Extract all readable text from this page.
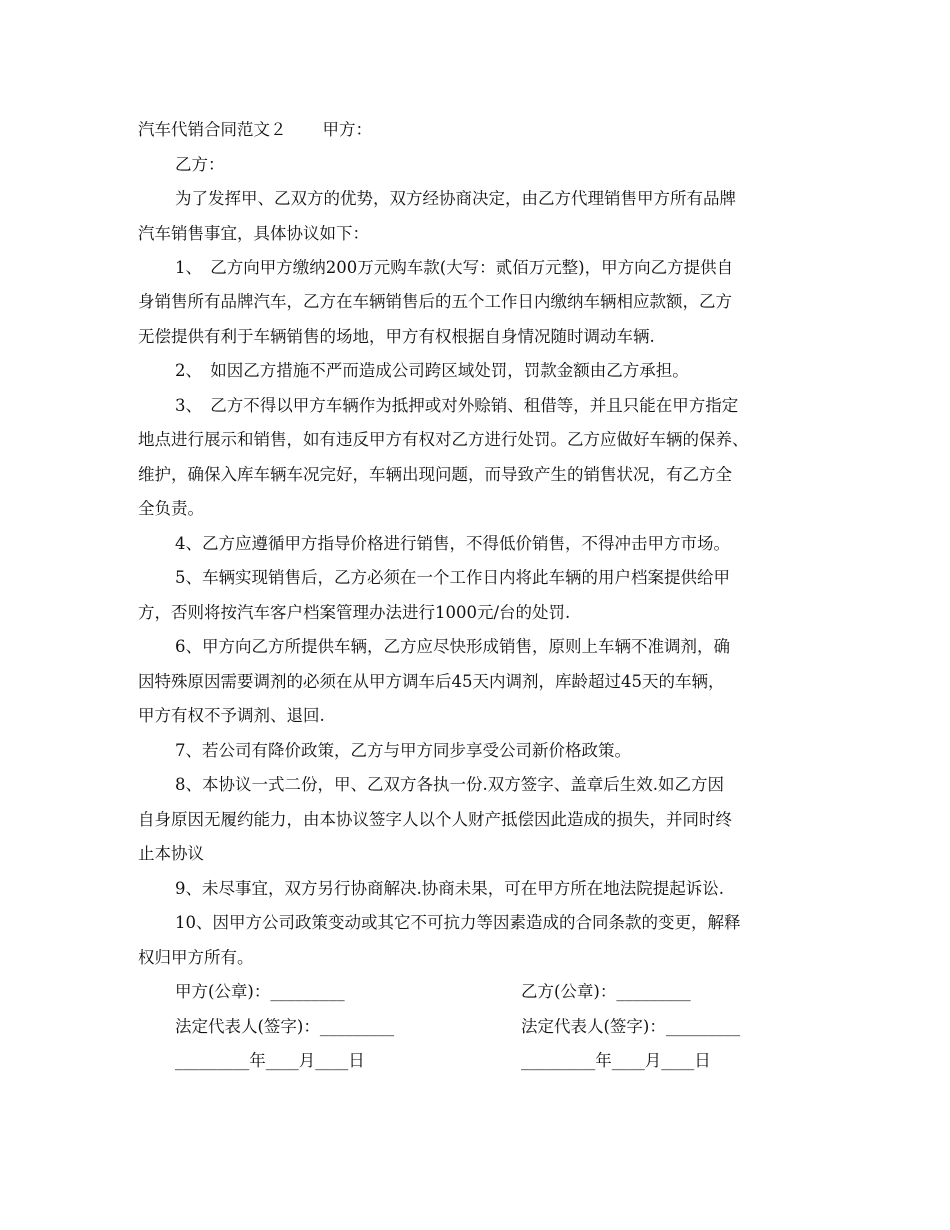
汽车代销合同范文２ 甲方：
乙方：
为了发挥甲、乙双方的优势，双方经协商决定，由乙方代理销售甲方所有品牌
汽车销售事宜，具体协议如下：
1、　乙方向甲方缴纳200万元购车款(大写：贰佰万元整)，甲方向乙方提供自
身销售所有品牌汽车，乙方在车辆销售后的五个工作日内缴纳车辆相应款额，乙方
无偿提供有利于车辆销售的场地，甲方有权根据自身情况随时调动车辆.
2、　如因乙方措施不严而造成公司跨区域处罚，罚款金额由乙方承担。
3、　乙方不得以甲方车辆作为抵押或对外赊销、租借等，并且只能在甲方指定
地点进行展示和销售，如有违反甲方有权对乙方进行处罚。乙方应做好车辆的保养、
维护，确保入库车辆车况完好，车辆出现问题，而导致产生的销售状况，有乙方全
全负责。
4、乙方应遵循甲方指导价格进行销售，不得低价销售，不得冲击甲方市场。
5、车辆实现销售后，乙方必须在一个工作日内将此车辆的用户档案提供给甲
方，否则将按汽车客户档案管理办法进行1000元/台的处罚.
6、甲方向乙方所提供车辆，乙方应尽快形成销售，原则上车辆不准调剂，确
因特殊原因需要调剂的必须在从甲方调车后45天内调剂，库龄超过45天的车辆，
甲方有权不予调剂、退回.
7、若公司有降价政策，乙方与甲方同步享受公司新价格政策。
8、本协议一式二份，甲、乙双方各执一份.双方签字、盖章后生效.如乙方因
自身原因无履约能力，由本协议签字人以个人财产抵偿因此造成的损失，并同时终
止本协议
9、未尽事宜，双方另行协商解决.协商未果，可在甲方所在地法院提起诉讼.
10、因甲方公司政策变动或其它不可抗力等因素造成的合同条款的变更，解释
权归甲方所有。
甲方(公章)：_________	乙方(公章)：_________
法定代表人(签字)：_________	法定代表人(签字)：_________
_________年____月____日	_________年____月____日
